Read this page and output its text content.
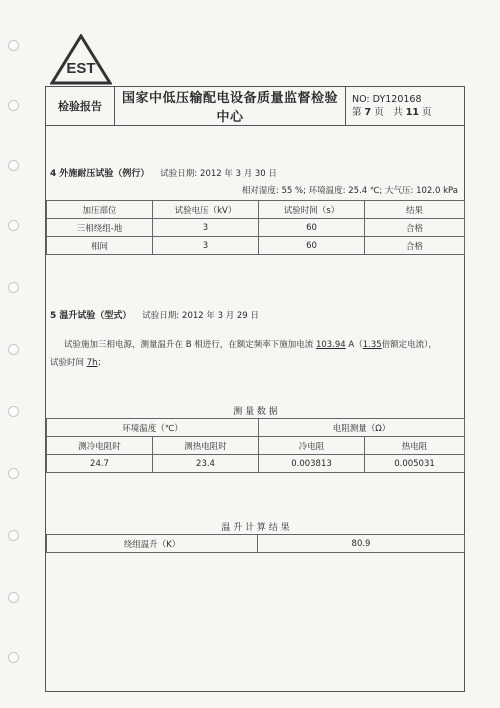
EST
检验报告	国家中低压输配电设备质量监督检验中心	
NO: DY120168
第 7 页　共 11 页
4 外施耐压试验（例行） 试验日期: 2012 年 3 月 30 日
相对湿度: 55 %; 环境温度: 25.4 ℃; 大气压: 102.0 kPa
加压部位	试验电压（kV）	试验时间（s）	结果
三相绕组-地	3	60	合格
相间	3	60	合格
5 温升试验（型式） 试验日期: 2012 年 3 月 29 日
试验施加三相电源，测量温升在 B 相进行，在额定频率下施加电流 103.94 A（1.35倍额定电流），
试验时间 7h；
测 量 数 据
环境温度（℃）		电阻测量（Ω）	
测冷电阻时	测热电阻时	冷电阻	热电阻
24.7	23.4	0.003813	0.005031
温 升 计 算 结 果
绕组温升（K）	80.9
